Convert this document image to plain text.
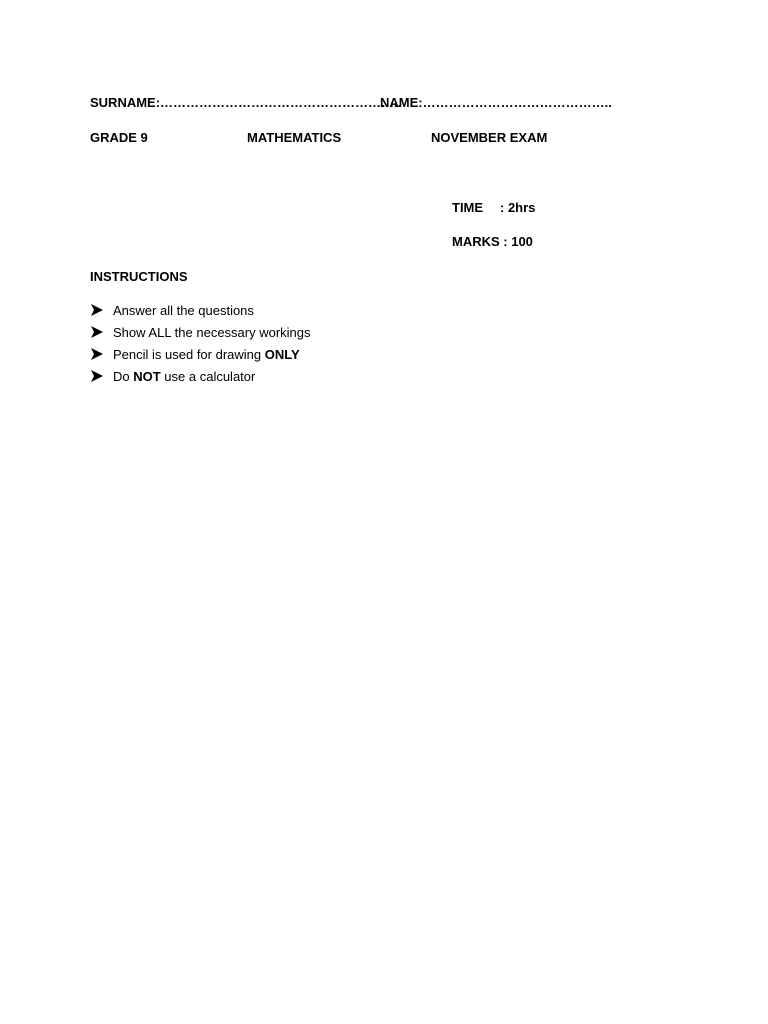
SURNAME:………………………………………………..
NAME:……………………………………..
GRADE 9	MATHEMATICS	NOVEMBER EXAM
TIME : 2hrs
MARKS : 100
INSTRUCTIONS
Answer all the questions
Show ALL the necessary workings
Pencil is used for drawing ONLY
Do NOT use a calculator
